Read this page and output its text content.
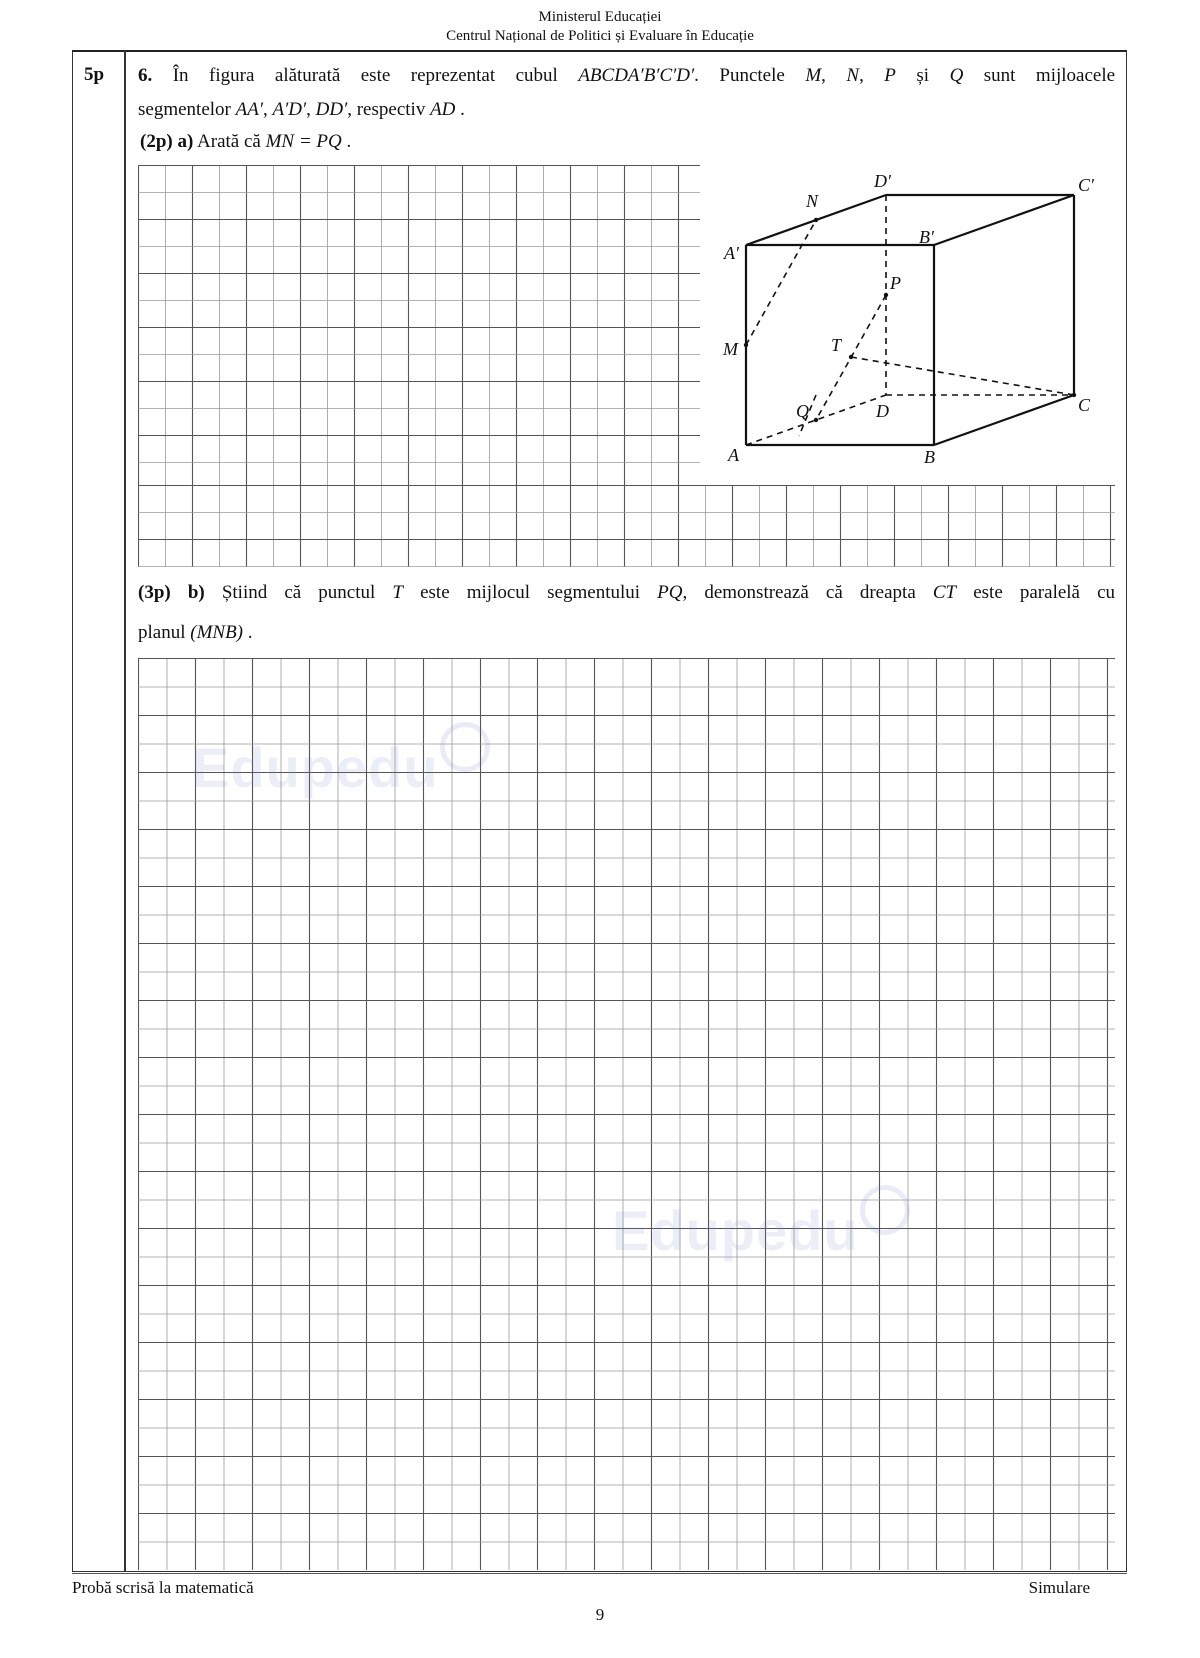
Ministerul Educației
Centrul Național de Politici și Evaluare în Educație
5p 6. În figura alăturată este reprezentat cubul ABCDA′B′C′D′. Punctele M, N, P și Q sunt mijloacele
segmentelor AA′, A′D′, DD′, respectiv AD .
(2p) a) Arată că MN = PQ .
A′
A	B
B′
C
C′
D
D′
M
N
P
Q
T
(3p) b) Știind că punctul T este mijlocul segmentului PQ, demonstrează că dreapta CT este paralelă cu
planul (MNB) .
Edupedu
Edupedu
Probă scrisă la matematică	Simulare
9
